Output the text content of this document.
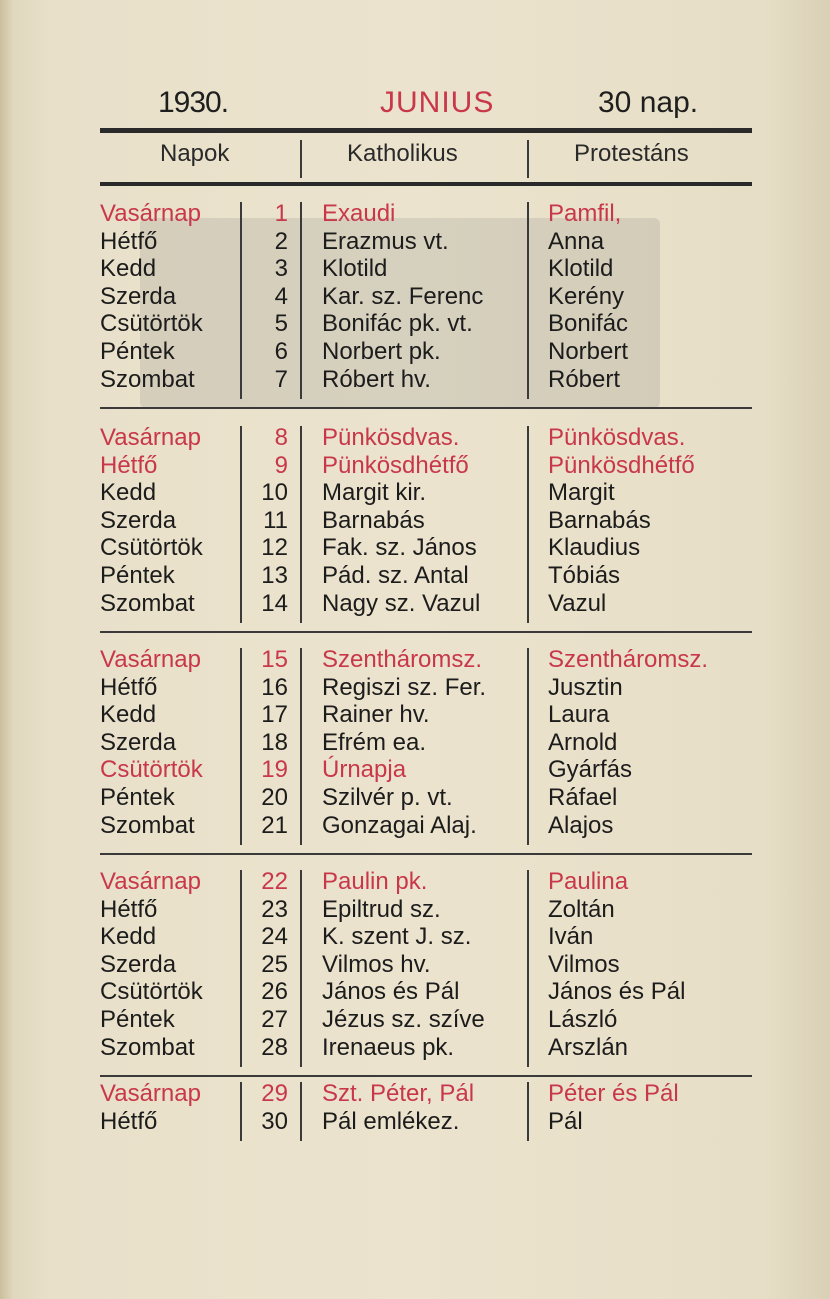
1930.	JUNIUS	30 nap.
Napok	Katholikus	Protestáns
Vasárnap	1 Exaudi	Pamfil,
Hétfő	2 Erazmus vt.	Anna
Kedd	3 Klotild	Klotild
Szerda	4 Kar. sz. Ferenc	Kerény
Csütörtök	5 Bonifác pk. vt.	Bonifác
Péntek	6 Norbert pk.	Norbert
Szombat	7 Róbert hv.	Róbert
Vasárnap	8 Pünkösdvas.	Pünkösdvas.
Hétfő	9 Pünkösdhétfő	Pünkösdhétfő
Kedd	10 Margit kir.	Margit
Szerda	11 Barnabás	Barnabás
Csütörtök	12 Fak. sz. János	Klaudius
Péntek	13 Pád. sz. Antal	Tóbiás
Szombat	14 Nagy sz. Vazul	Vazul
Vasárnap	15 Szentháromsz.	Szentháromsz.
Hétfő	16 Regiszi sz. Fer.	Jusztin
Kedd	17 Rainer hv.	Laura
Szerda	18 Efrém ea.	Arnold
Csütörtök	19 Úrnapja	Gyárfás
Péntek	20 Szilvér p. vt.	Ráfael
Szombat	21 Gonzagai Alaj.	Alajos
Vasárnap	22 Paulin pk.	Paulina
Hétfő	23 Epiltrud sz.	Zoltán
Kedd	24 K. szent J. sz.	Iván
Szerda	25 Vilmos hv.	Vilmos
Csütörtök	26 János és Pál	János és Pál
Péntek	27 Jézus sz. szíve	László
Szombat	28 Irenaeus pk.	Arszlán
Vasárnap	29 Szt. Péter, Pál	Péter és Pál
Hétfő	30 Pál emlékez.	Pál
